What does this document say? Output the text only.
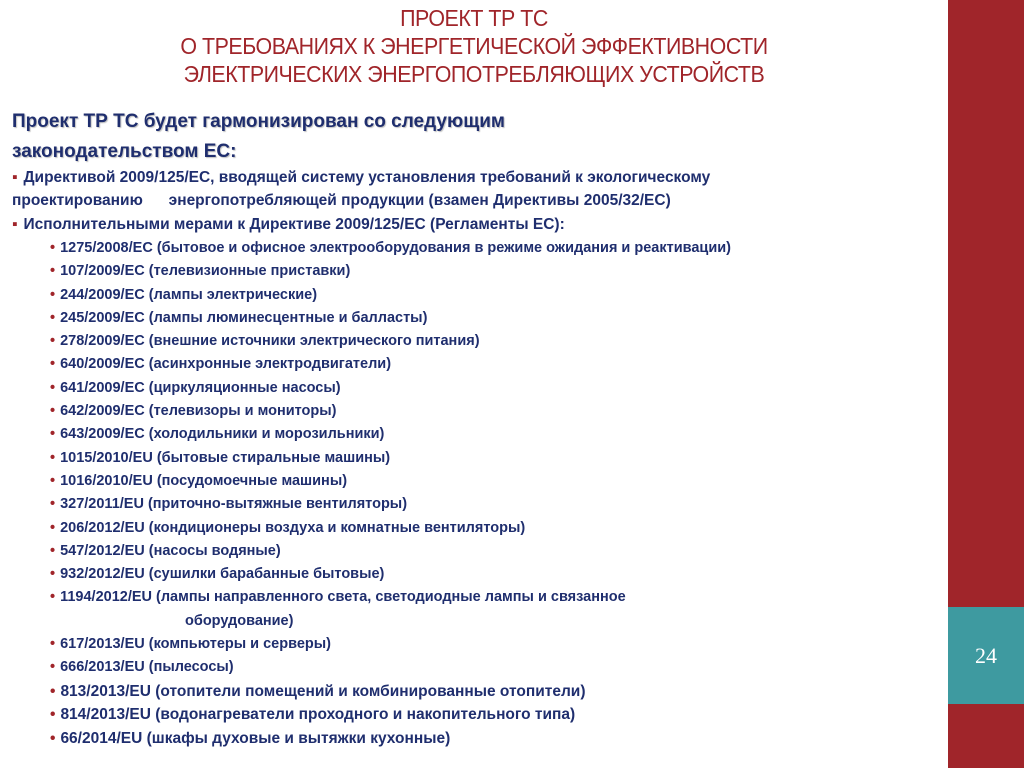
24
ПРОЕКТ ТР ТС
О ТРЕБОВАНИЯХ К ЭНЕРГЕТИЧЕСКОЙ ЭФФЕКТИВНОСТИ
ЭЛЕКТРИЧЕСКИХ ЭНЕРГОПОТРЕБЛЯЮЩИХ УСТРОЙСТВ
Проект ТР ТС будет гармонизирован со следующим
законодательством ЕС:
▪ Директивой 2009/125/ЕС, вводящей систему установления требований к экологическому
проектированию      энергопотребляющей продукции (взамен Директивы 2005/32/ЕС)
▪ Исполнительными мерами к Директиве 2009/125/ЕС (Регламенты ЕС):
• 1275/2008/ЕС (бытовое и офисное электрооборудования в режиме ожидания и реактивации)
• 107/2009/ЕС (телевизионные приставки)
• 244/2009/ЕС (лампы электрические)
• 245/2009/ЕС (лампы люминесцентные и балласты)
• 278/2009/ЕС (внешние источники электрического питания)
• 640/2009/ЕС (асинхронные электродвигатели)
• 641/2009/ЕС (циркуляционные насосы)
• 642/2009/ЕС (телевизоры и мониторы)
• 643/2009/ЕС (холодильники и морозильники)
• 1015/2010/EU (бытовые стиральные машины)
• 1016/2010/EU (посудомоечные машины)
• 327/2011/EU (приточно-вытяжные вентиляторы)
• 206/2012/EU (кондиционеры воздуха и комнатные вентиляторы)
• 547/2012/EU (насосы водяные)
• 932/2012/EU (сушилки барабанные бытовые)
• 1194/2012/EU (лампы направленного света, светодиодные лампы и связанное
оборудование)
• 617/2013/EU (компьютеры и серверы)
• 666/2013/EU (пылесосы)
• 813/2013/EU (отопители помещений и комбинированные отопители)
• 814/2013/EU (водонагреватели проходного и накопительного типа)
• 66/2014/EU (шкафы духовые и вытяжки кухонные)
